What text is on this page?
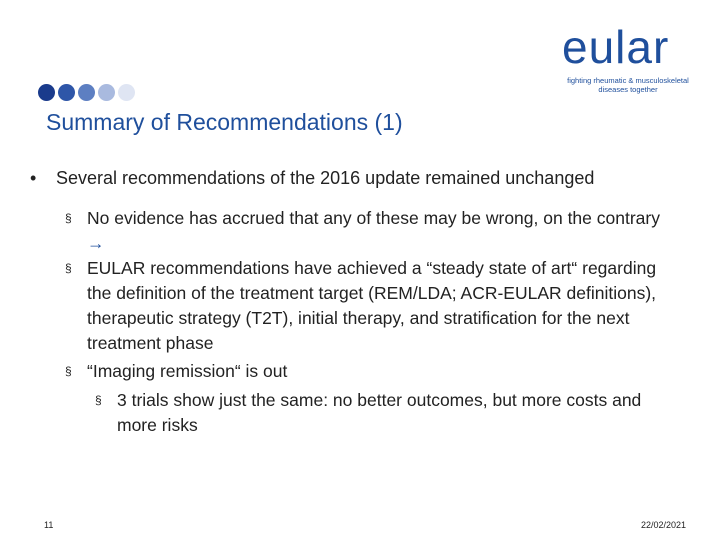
eular
fighting rheumatic & musculoskeletal
diseases together
Summary of Recommendations (1)
• Several recommendations of the 2016 update remained unchanged
§ No evidence has accrued that any of these may be wrong, on the contrary →
§ EULAR recommendations have achieved a “steady state of art“ regarding the definition of the treatment target (REM/LDA; ACR-EULAR definitions), therapeutic strategy (T2T), initial therapy, and stratification for the next treatment phase
§ “Imaging remission“ is out
§ 3 trials show just the same: no better outcomes, but more costs and more risks
11	22/02/2021
